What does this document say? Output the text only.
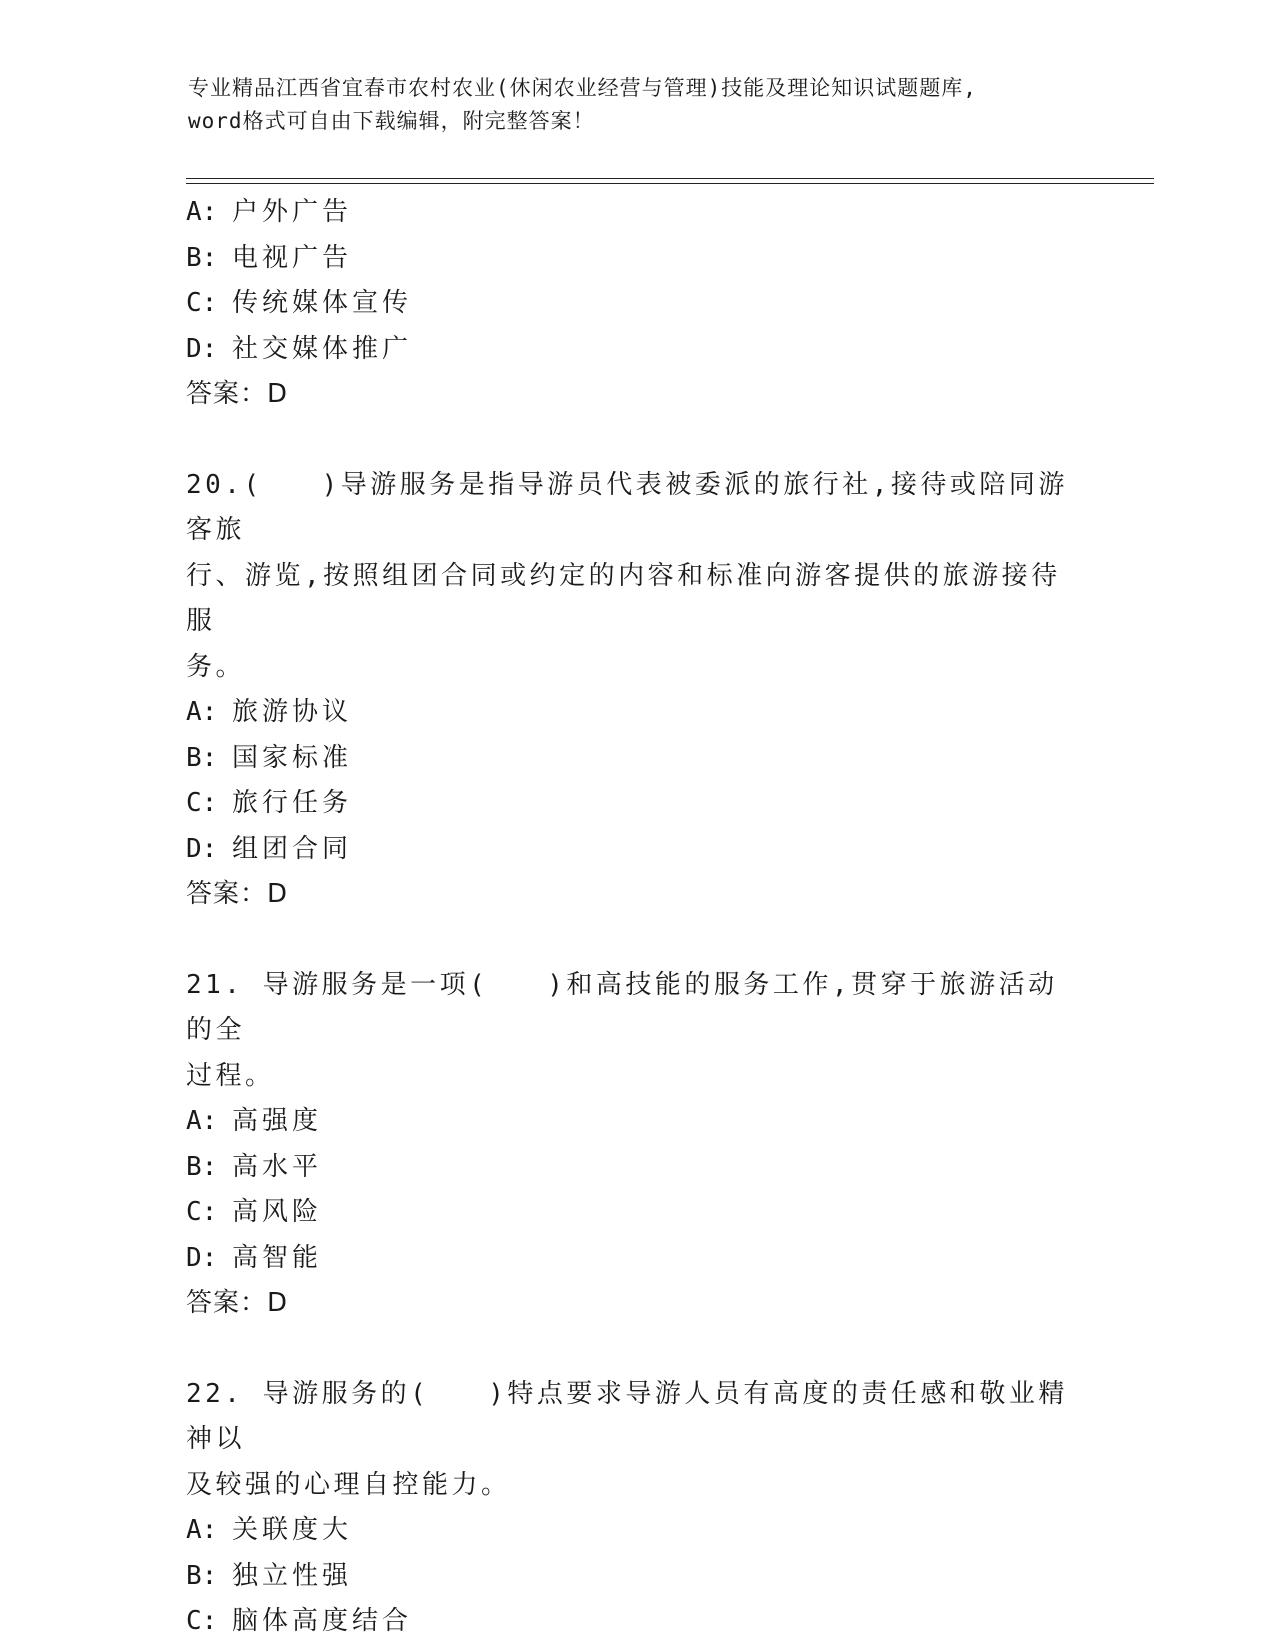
专业精品江西省宜春市农村农业(休闲农业经营与管理)技能及理论知识试题题库,
word格式可自由下载编辑，附完整答案！
A: 户外广告
B: 电视广告
C: 传统媒体宣传
D: 社交媒体推广
答案：D
20.(　　)导游服务是指导游员代表被委派的旅行社,接待或陪同游客旅
行、游览,按照组团合同或约定的内容和标准向游客提供的旅游接待服
务。
A: 旅游协议
B: 国家标准
C: 旅行任务
D: 组团合同
答案：D
21. 导游服务是一项(　　)和高技能的服务工作,贯穿于旅游活动的全
过程。
A: 高强度
B: 高水平
C: 高风险
D: 高智能
答案：D
22. 导游服务的(　　)特点要求导游人员有高度的责任感和敬业精神以
及较强的心理自控能力。
A: 关联度大
B: 独立性强
C: 脑体高度结合
